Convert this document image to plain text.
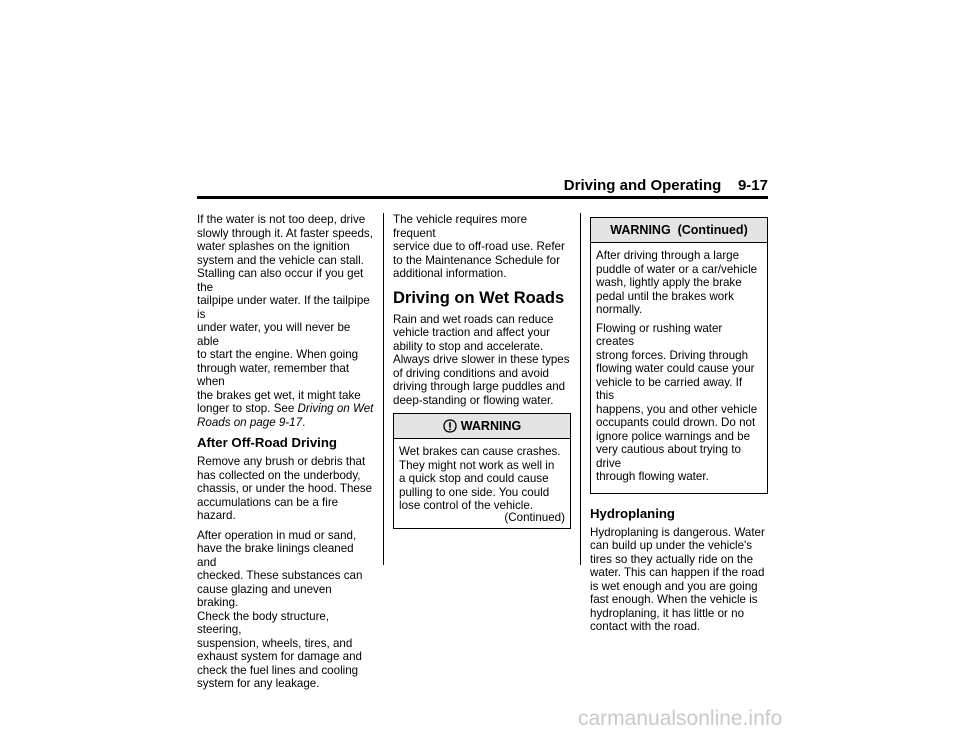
Driving and Operating 9-17

If the water is not too deep, drive
slowly through it. At faster speeds,
water splashes on the ignition
system and the vehicle can stall.
Stalling can also occur if you get the
tailpipe under water. If the tailpipe is
under water, you will never be able
to start the engine. When going
through water, remember that when
the brakes get wet, it might take
longer to stop. See Driving on Wet
Roads on page 9-17.

After Off-Road Driving

Remove any brush or debris that
has collected on the underbody,
chassis, or under the hood. These
accumulations can be a fire hazard.

After operation in mud or sand,
have the brake linings cleaned and
checked. These substances can
cause glazing and uneven braking.
Check the body structure, steering,
suspension, wheels, tires, and
exhaust system for damage and
check the fuel lines and cooling
system for any leakage.

The vehicle requires more frequent
service due to off-road use. Refer
to the Maintenance Schedule for
additional information.

Driving on Wet Roads

Rain and wet roads can reduce
vehicle traction and affect your
ability to stop and accelerate.
Always drive slower in these types
of driving conditions and avoid
driving through large puddles and
deep-standing or flowing water.

WARNING
Wet brakes can cause crashes.
They might not work as well in
a quick stop and could cause
pulling to one side. You could
lose control of the vehicle.
(Continued)
WARNING  (Continued)

After driving through a large
puddle of water or a car/vehicle
wash, lightly apply the brake
pedal until the brakes work
normally.

Flowing or rushing water creates
strong forces. Driving through
flowing water could cause your
vehicle to be carried away. If this
happens, you and other vehicle
occupants could drown. Do not
ignore police warnings and be
very cautious about trying to drive
through flowing water.

Hydroplaning

Hydroplaning is dangerous. Water
can build up under the vehicle's
tires so they actually ride on the
water. This can happen if the road
is wet enough and you are going
fast enough. When the vehicle is
hydroplaning, it has little or no
contact with the road.

carmanualsonline.info
